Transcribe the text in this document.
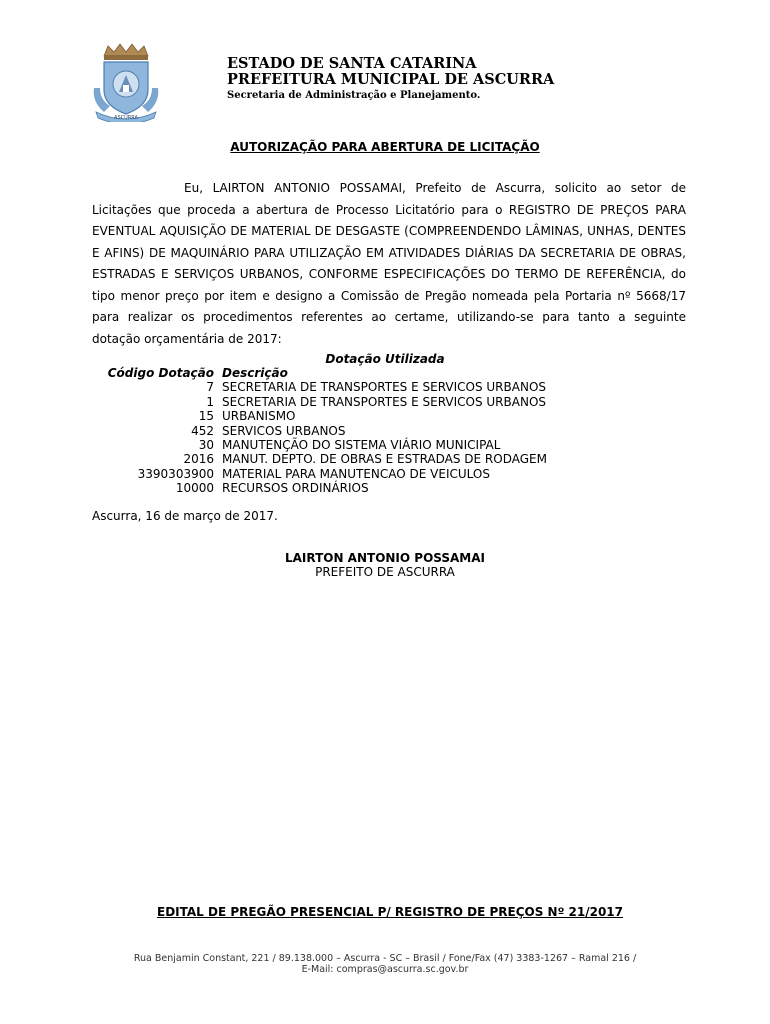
ASCURRA
ESTADO DE SANTA CATARINA
PREFEITURA MUNICIPAL DE ASCURRA
Secretaria de Administração e Planejamento.
AUTORIZAÇÃO PARA ABERTURA DE LICITAÇÃO
Eu, LAIRTON ANTONIO POSSAMAI, Prefeito de Ascurra, solicito ao setor de Licitações que proceda a abertura de Processo Licitatório para o REGISTRO DE PREÇOS PARA EVENTUAL AQUISIÇÃO DE MATERIAL DE DESGASTE (COMPREENDENDO LÂMINAS, UNHAS, DENTES E AFINS) DE MAQUINÁRIO PARA UTILIZAÇÃO EM ATIVIDADES DIÁRIAS DA SECRETARIA DE OBRAS, ESTRADAS E SERVIÇOS URBANOS, CONFORME ESPECIFICAÇÕES DO TERMO DE REFERÊNCIA, do tipo menor preço por item e designo a Comissão de Pregão nomeada pela Portaria nº 5668/17 para realizar os procedimentos referentes ao certame, utilizando-se para tanto a seguinte dotação orçamentária de 2017:
Dotação Utilizada
Código Dotação	Descrição
7	SECRETARIA DE TRANSPORTES E SERVICOS URBANOS
1	SECRETARIA DE TRANSPORTES E SERVICOS URBANOS
15	URBANISMO
452	SERVICOS URBANOS
30	MANUTENÇÃO DO SISTEMA VIÁRIO MUNICIPAL
2016	MANUT. DEPTO. DE OBRAS E ESTRADAS DE RODAGEM
3390303900	MATERIAL PARA MANUTENCAO DE VEICULOS
10000	RECURSOS ORDINÁRIOS
Ascurra, 16 de março de 2017.
LAIRTON ANTONIO POSSAMAI
PREFEITO DE ASCURRA
EDITAL DE PREGÃO PRESENCIAL P/ REGISTRO DE PREÇOS Nº 21/2017
Rua Benjamin Constant, 221 / 89.138.000 – Ascurra - SC – Brasil / Fone/Fax (47) 3383-1267 – Ramal 216 /
E-Mail: compras@ascurra.sc.gov.br
